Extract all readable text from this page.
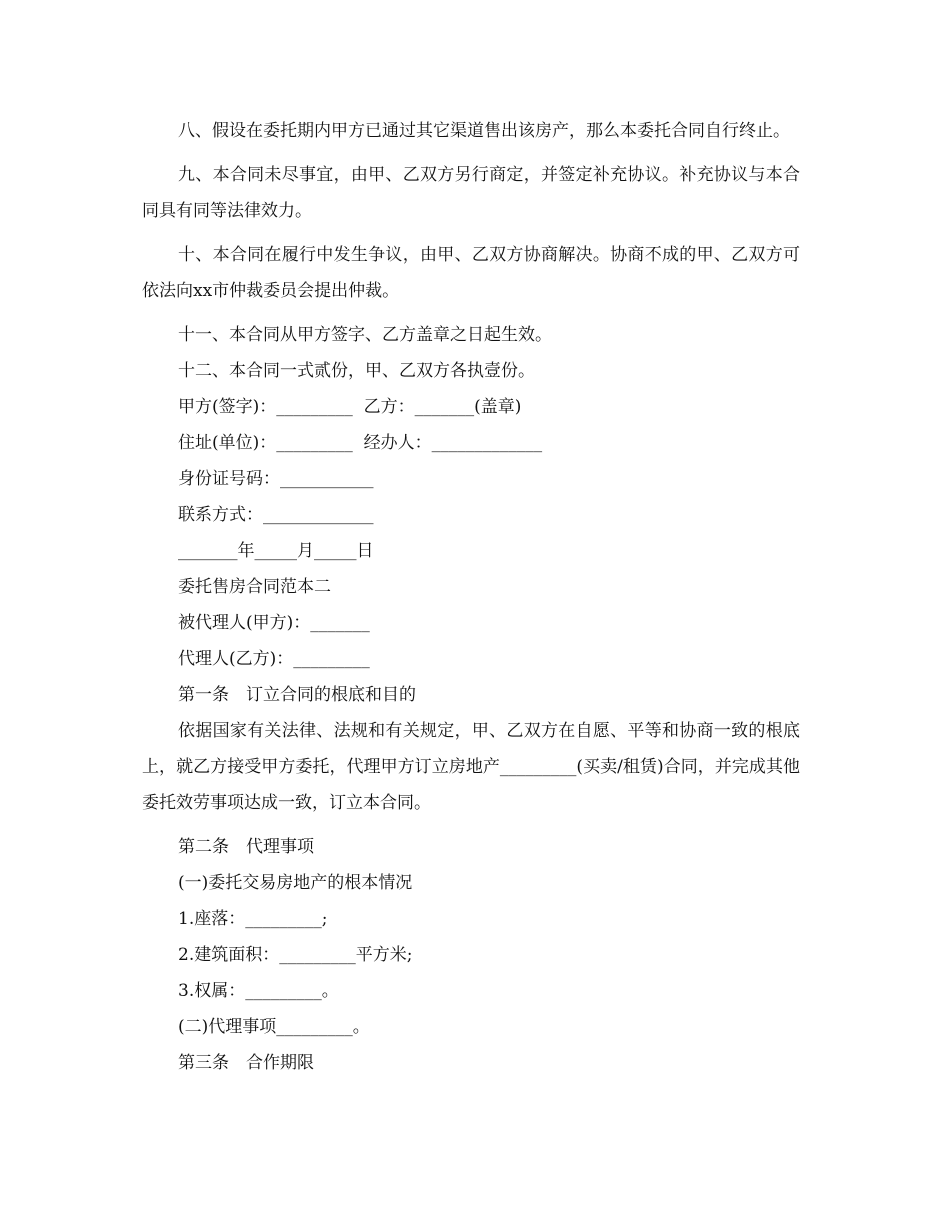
八、假设在委托期内甲方已通过其它渠道售出该房产，那么本委托合同自行终止。

九、本合同未尽事宜，由甲、乙双方另行商定，并签定补充协议。补充协议与本合同具有同等法律效力。

十、本合同在履行中发生争议，由甲、乙双方协商解决。协商不成的甲、乙双方可依法向xx市仲裁委员会提出仲裁。

十一、本合同从甲方签字、乙方盖章之日起生效。

十二、本合同一式贰份，甲、乙双方各执壹份。

甲方(签字)：_________  乙方：_______(盖章)

住址(单位)：_________  经办人：_____________

身份证号码：___________

联系方式：_____________

_______年_____月_____日

委托售房合同范本二

被代理人(甲方)：_______

代理人(乙方)：_________

第一条　订立合同的根底和目的

依据国家有关法律、法规和有关规定，甲、乙双方在自愿、平等和协商一致的根底上，就乙方接受甲方委托，代理甲方订立房地产_________(买卖/租赁)合同，并完成其他委托效劳事项达成一致，订立本合同。

第二条　代理事项

(一)委托交易房地产的根本情况

1.座落：_________;

2.建筑面积：_________平方米;

3.权属：_________。

(二)代理事项_________。

第三条　合作期限
